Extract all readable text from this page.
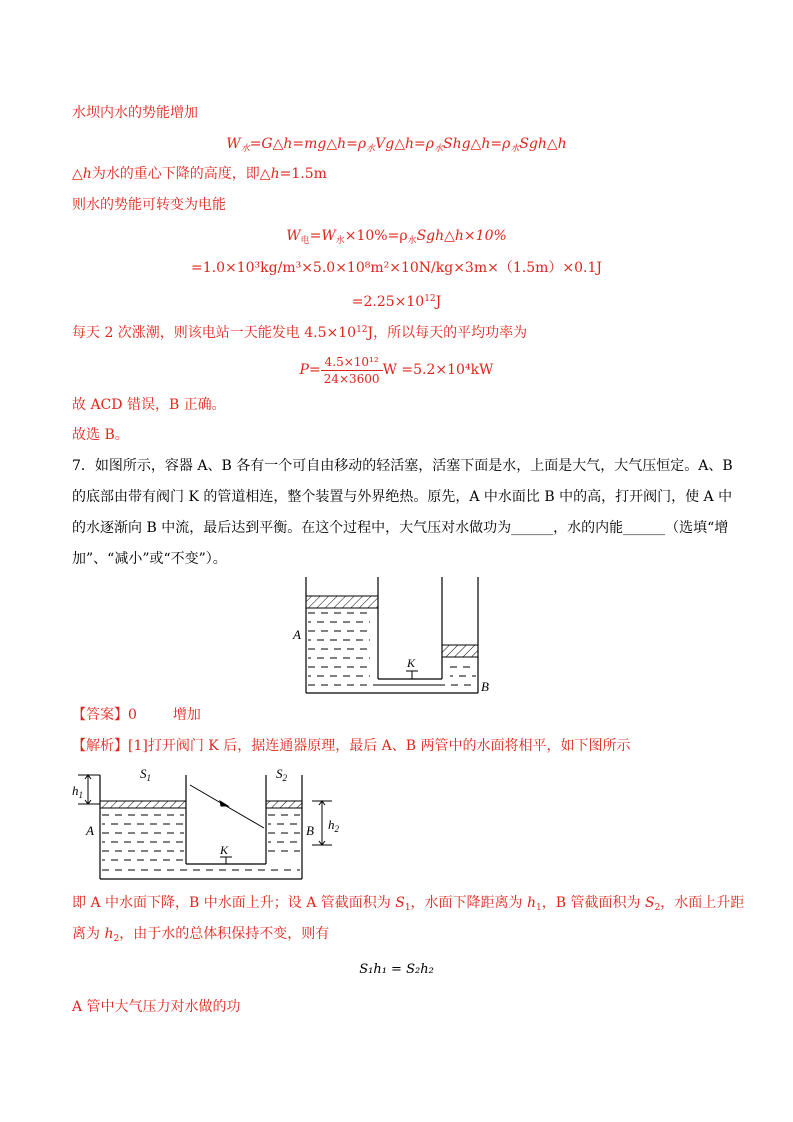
水坝内水的势能增加
$W_水=G\triangle h=mg\triangle h=\rho_水Vg\triangle h=\rho_水Shg\triangle h=\rho_水Sgh\triangle h$
△h为水的重心下降的高度，即△h=1.5m
则水的势能可转变为电能
$W_电=W_水\times 10\%=\rho_水Sgh\triangle h\times 10\%$
=1.0×10³kg/m³×5.0×10⁸m²×10N/kg×3m×（1.5m）×0.1J
$=2.25\times 10^{12}J$
每天 2 次涨潮，则该电站一天能发电 $4.5\times 10^{12}J$，所以每天的平均功率为
$P= \frac{\text{4.5×10¹²}}{24\times 3600}$ W =5.2×10⁴kW
故 ACD 错误，B 正确。
故选 B。
7．如图所示，容器 A、B 各有一个可自由移动的轻活塞，活塞下面是水，上面是大气，大气压恒定。A、B
的底部由带有阀门 K 的管道相连，整个装置与外界绝热。原先，A 中水面比 B 中的高，打开阀门，使 A 中
的水逐渐向 B 中流，最后达到平衡。在这个过程中，大气压对水做功为______，水的内能______（选填“增
加”、“减小”或“不变”）。
A
B
K
【答案】0	增加
【解析】[1]打开阀门 K 后，据连通器原理，最后 A、B 两管中的水面将相平，如下图所示
$h_1$
$S_1$	$S_2$
A	B $h_2$
K
即 A 中水面下降，B 中水面上升；设 A 管截面积为 $S_1$，水面下降距离为 $h_1$，B 管截面积为 $S_2$，水面上升距
离为 $h_2$，由于水的总体积保持不变，则有
S₁h₁ = S₂h₂
A 管中大气压力对水做的功
